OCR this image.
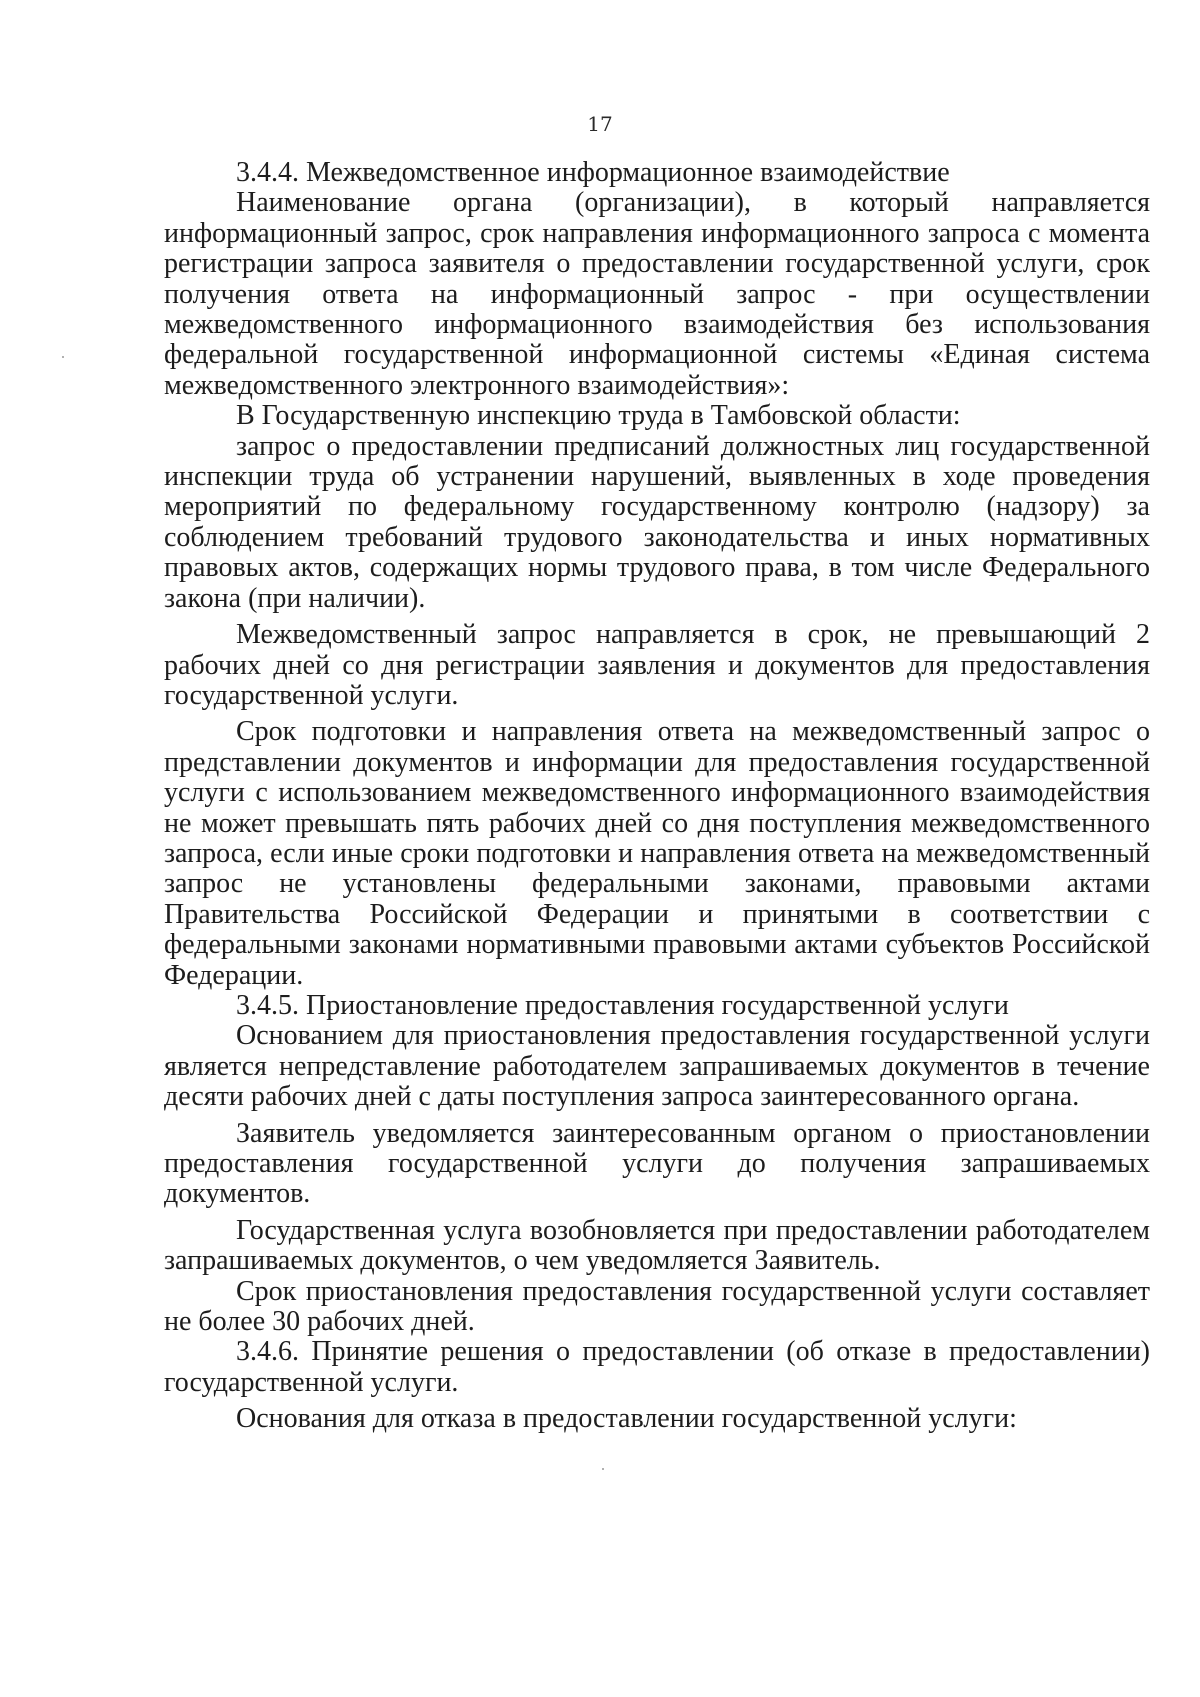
17

3.4.4. Межведомственное информационное взаимодействие

Наименование органа (организации), в который направляется информационный запрос, срок направления информационного запроса с момента регистрации запроса заявителя о предоставлении государственной услуги, срок получения ответа на информационный запрос - при осуществлении межведомственного информационного взаимодействия без использования федеральной государственной информационной системы «Единая система межведомственного электронного взаимодействия»:

В Государственную инспекцию труда в Тамбовской области:

запрос о предоставлении предписаний должностных лиц государственной инспекции труда об устранении нарушений, выявленных в ходе проведения мероприятий по федеральному государственному контролю (надзору) за соблюдением требований трудового законодательства и иных нормативных правовых актов, содержащих нормы трудового права, в том числе Федерального закона (при наличии).

Межведомственный запрос направляется в срок, не превышающий 2 рабочих дней со дня регистрации заявления и документов для предоставления государственной услуги.

Срок подготовки и направления ответа на межведомственный запрос о представлении документов и информации для предоставления государственной услуги с использованием межведомственного информационного взаимодействия не может превышать пять рабочих дней со дня поступления межведомственного запроса, если иные сроки подготовки и направления ответа на межведомственный запрос не установлены федеральными законами, правовыми актами Правительства Российской Федерации и принятыми в соответствии с федеральными законами нормативными правовыми актами субъектов Российской Федерации.

3.4.5. Приостановление предоставления государственной услуги

Основанием для приостановления предоставления государственной услуги является непредставление работодателем запрашиваемых документов в течение десяти рабочих дней с даты поступления запроса заинтересованного органа.

Заявитель уведомляется заинтересованным органом о приостановлении предоставления государственной услуги до получения запрашиваемых документов.

Государственная услуга возобновляется при предоставлении работодателем запрашиваемых документов, о чем уведомляется Заявитель.

Срок приостановления предоставления государственной услуги составляет не более 30 рабочих дней.

3.4.6. Принятие решения о предоставлении (об отказе в предоставлении) государственной услуги.

Основания для отказа в предоставлении государственной услуги:
